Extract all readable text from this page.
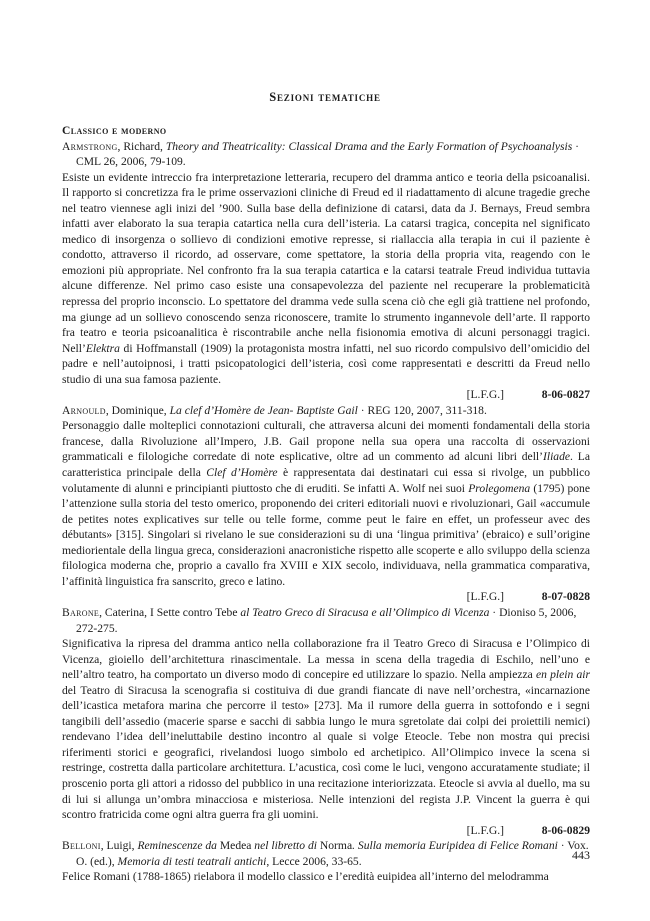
Sezioni tematiche
Classico e moderno
Armstrong, Richard, Theory and Theatricality: Classical Drama and the Early Formation of Psychoanalysis · CML 26, 2006, 79-109.
Esiste un evidente intreccio fra interpretazione letteraria, recupero del dramma antico e teoria della psicoanalisi. Il rapporto si concretizza fra le prime osservazioni cliniche di Freud ed il riadattamento di alcune tragedie greche nel teatro viennese agli inizi del ’900. Sulla base della definizione di catarsi, data da J. Bernays, Freud sembra infatti aver elaborato la sua terapia catartica nella cura dell’isteria. La catarsi tragica, concepita nel significato medico di insorgenza o sollievo di condizioni emotive represse, si riallaccia alla terapia in cui il paziente è condotto, attraverso il ricordo, ad osservare, come spettatore, la storia della propria vita, reagendo con le emozioni più appropriate. Nel confronto fra la sua terapia catartica e la catarsi teatrale Freud individua tuttavia alcune differenze. Nel primo caso esiste una consapevolezza del paziente nel recuperare la problematicità repressa del proprio inconscio. Lo spettatore del dramma vede sulla scena ciò che egli già trattiene nel profondo, ma giunge ad un sollievo conoscendo senza riconoscere, tramite lo strumento ingannevole dell’arte. Il rapporto fra teatro e teoria psicoanalitica è riscontrabile anche nella fisionomia emotiva di alcuni personaggi tragici. Nell’Elektra di Hoffmanstall (1909) la protagonista mostra infatti, nel suo ricordo compulsivo dell’omicidio del padre e nell’autoipnosi, i tratti psicopatologici dell’isteria, così come rappresentati e descritti da Freud nello studio di una sua famosa paziente.
[L.F.G.]	8-06-0827
Arnould, Dominique, La clef d’Homère de Jean- Baptiste Gail · REG 120, 2007, 311-318.
Personaggio dalle molteplici connotazioni culturali, che attraversa alcuni dei momenti fondamentali della storia francese, dalla Rivoluzione all’Impero, J.B. Gail propone nella sua opera una raccolta di osservazioni grammaticali e filologiche corredate di note esplicative, oltre ad un commento ad alcuni libri dell’Iliade. La caratteristica principale della Clef d’Homère è rappresentata dai destinatari cui essa si rivolge, un pubblico volutamente di alunni e principianti piuttosto che di eruditi. Se infatti A. Wolf nei suoi Prolegomena (1795) pone l’attenzione sulla storia del testo omerico, proponendo dei criteri editoriali nuovi e rivoluzionari, Gail «accumule de petites notes explicatives sur telle ou telle forme, comme peut le faire en effet, un professeur avec des débutants» [315]. Singolari si rivelano le sue considerazioni su di una ‘lingua primitiva’ (ebraico) e sull’origine mediorientale della lingua greca, considerazioni anacronistiche rispetto alle scoperte e allo sviluppo della scienza filologica moderna che, proprio a cavallo fra XVIII e XIX secolo, individuava, nella grammatica comparativa, l’affinità linguistica fra sanscrito, greco e latino.
[L.F.G.]	8-07-0828
Barone, Caterina, I Sette contro Tebe al Teatro Greco di Siracusa e all’Olimpico di Vicenza · Dioniso 5, 2006, 272-275.
Significativa la ripresa del dramma antico nella collaborazione fra il Teatro Greco di Siracusa e l’Olimpico di Vicenza, gioiello dell’architettura rinascimentale. La messa in scena della tragedia di Eschilo, nell’uno e nell’altro teatro, ha comportato un diverso modo di concepire ed utilizzare lo spazio. Nella ampiezza en plein air del Teatro di Siracusa la scenografia si costituiva di due grandi fiancate di nave nell’orchestra, «incarnazione dell’icastica metafora marina che percorre il testo» [273]. Ma il rumore della guerra in sottofondo e i segni tangibili dell’assedio (macerie sparse e sacchi di sabbia lungo le mura sgretolate dai colpi dei proiettili nemici) rendevano l’idea dell’ineluttabile destino incontro al quale si volge Eteocle. Tebe non mostra qui precisi riferimenti storici e geografici, rivelandosi luogo simbolo ed archetipico. All’Olimpico invece la scena si restringe, costretta dalla particolare architettura. L’acustica, così come le luci, vengono accuratamente studiate; il proscenio porta gli attori a ridosso del pubblico in una recitazione interiorizzata. Eteocle si avvia al duello, ma su di lui si allunga un’ombra minacciosa e misteriosa. Nelle intenzioni del regista J.P. Vincent la guerra è qui scontro fratricida come ogni altra guerra fra gli uomini.
[L.F.G.]	8-06-0829
Belloni, Luigi, Reminescenze da Medea nel libretto di Norma. Sulla memoria Euripidea di Felice Romani · Vox. O. (ed.), Memoria di testi teatrali antichi, Lecce 2006, 33-65.
Felice Romani (1788-1865) rielabora il modello classico e l’eredità euipidea all’interno del melodramma
443
